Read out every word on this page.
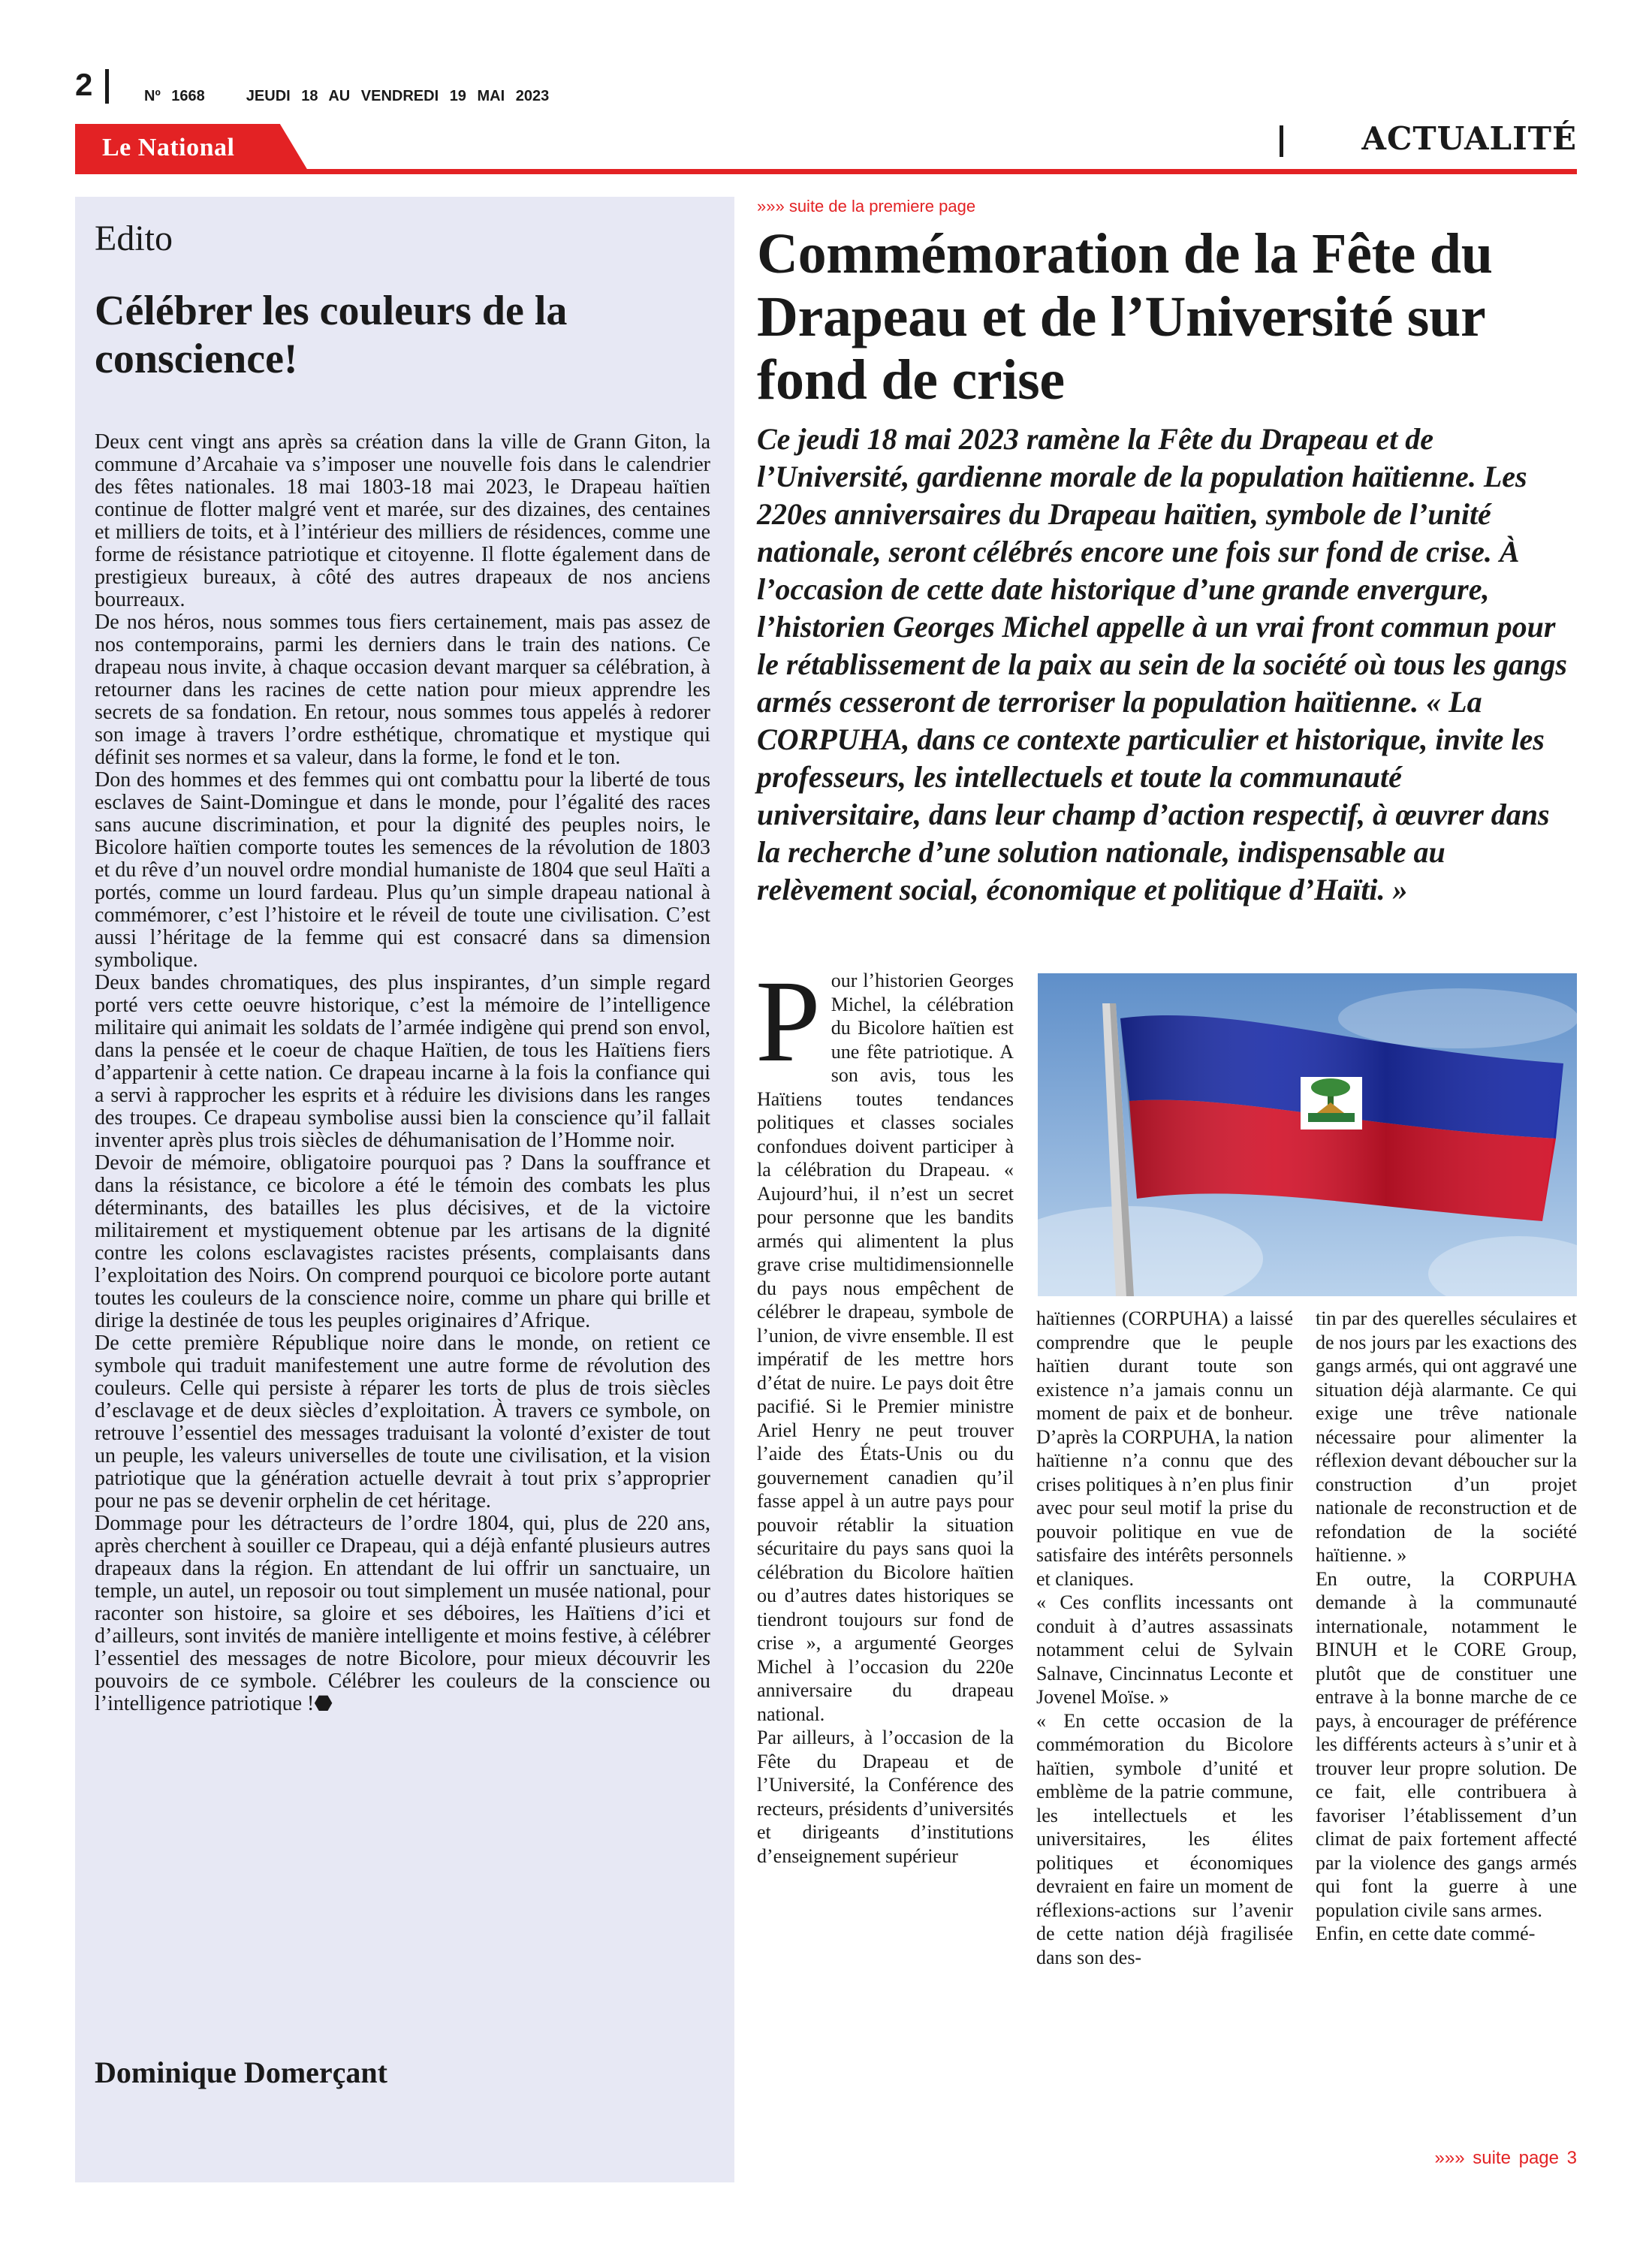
2	Nº 1668	JEUDI 18 AU VENDREDI 19 MAI 2023
Le National	ACTUALITÉ
Edito
Célébrer les couleurs de la conscience!

Deux cent vingt ans après sa création dans la ville de Grann Giton, la commune d’Arcahaie va s’imposer une nouvelle fois dans le calendrier des fêtes nationales. 18 mai 1803-18 mai 2023, le Drapeau haïtien continue de flotter malgré vent et marée, sur des dizaines, des centaines et milliers de toits, et à l’intérieur des milliers de résidences, comme une forme de résistance patriotique et citoyenne. Il flotte également dans de prestigieux bureaux, à côté des autres drapeaux de nos anciens bourreaux.

De nos héros, nous sommes tous fiers certainement, mais pas assez de nos contemporains, parmi les derniers dans le train des nations. Ce drapeau nous invite, à chaque occasion devant marquer sa célébration, à retourner dans les racines de cette nation pour mieux apprendre les secrets de sa fondation. En retour, nous sommes tous appelés à redorer son image à travers l’ordre esthétique, chromatique et mystique qui définit ses normes et sa valeur, dans la forme, le fond et le ton.

Don des hommes et des femmes qui ont combattu pour la liberté de tous esclaves de Saint-Domingue et dans le monde, pour l’égalité des races sans aucune discrimination, et pour la dignité des peuples noirs, le Bicolore haïtien comporte toutes les semences de la révolution de 1803 et du rêve d’un nouvel ordre mondial humaniste de 1804 que seul Haïti a portés, comme un lourd fardeau. Plus qu’un simple drapeau national à commémorer, c’est l’histoire et le réveil de toute une civilisation. C’est aussi l’héritage de la femme qui est consacré dans sa dimension symbolique.

Deux bandes chromatiques, des plus inspirantes, d’un simple regard porté vers cette oeuvre historique, c’est la mémoire de l’intelligence militaire qui animait les soldats de l’armée indigène qui prend son envol, dans la pensée et le coeur de chaque Haïtien, de tous les Haïtiens fiers d’appartenir à cette nation. Ce drapeau incarne à la fois la confiance qui a servi à rapprocher les esprits et à réduire les divisions dans les ranges des troupes. Ce drapeau symbolise aussi bien la conscience qu’il fallait inventer après plus trois siècles de déhumanisation de l’Homme noir.

Devoir de mémoire, obligatoire pourquoi pas ? Dans la souffrance et dans la résistance, ce bicolore a été le témoin des combats les plus déterminants, des batailles les plus décisives, et de la victoire militairement et mystiquement obtenue par les artisans de la dignité contre les colons esclavagistes racistes présents, complaisants dans l’exploitation des Noirs. On comprend pourquoi ce bicolore porte autant toutes les couleurs de la conscience noire, comme un phare qui brille et dirige la destinée de tous les peuples originaires d’Afrique.

De cette première République noire dans le monde, on retient ce symbole qui traduit manifestement une autre forme de révolution des couleurs. Celle qui persiste à réparer les torts de plus de trois siècles d’esclavage et de deux siècles d’exploitation. À travers ce symbole, on retrouve l’essentiel des messages traduisant la volonté d’exister de tout un peuple, les valeurs universelles de toute une civilisation, et la vision patriotique que la génération actuelle devrait à tout prix s’approprier pour ne pas se devenir orphelin de cet héritage.

Dommage pour les détracteurs de l’ordre 1804, qui, plus de 220 ans, après cherchent à souiller ce Drapeau, qui a déjà enfanté plusieurs autres drapeaux dans la région. En attendant de lui offrir un sanctuaire, un temple, un autel, un reposoir ou tout simplement un musée national, pour raconter son histoire, sa gloire et ses déboires, les Haïtiens d’ici et d’ailleurs, sont invités de manière intelligente et moins festive, à célébrer l’essentiel des messages de notre Bicolore, pour mieux découvrir les pouvoirs de ce symbole. Célébrer les couleurs de la conscience ou l’intelligence patriotique !⬣

Dominique Domerçant
»»» suite de la premiere page
Commémoration de la Fête du Drapeau et de l’Université sur fond de crise

Ce jeudi 18 mai 2023 ramène la Fête du Drapeau et de l’Université, gardienne morale de la population haïtienne. Les 220es anniversaires du Drapeau haïtien, symbole de l’unité nationale, seront célébrés encore une fois sur fond de crise. À l’occasion de cette date historique d’une grande envergure, l’historien Georges Michel appelle à un vrai front commun pour le rétablissement de la paix au sein de la société où tous les gangs armés cesseront de terroriser la population haïtienne. « La CORPUHA, dans ce contexte particulier et historique, invite les professeurs, les intellectuels et toute la communauté universitaire, dans leur champ d’action respectif, à œuvrer dans la recherche d’une solution nationale, indispensable au relèvement social, économique et politique d’Haïti. »

Pour l’historien Georges Michel, la célébration du Bicolore haïtien est une fête patriotique. A son avis, tous les Haïtiens toutes tendances politiques et classes sociales confondues doivent participer à la célébration du Drapeau. « Aujourd’hui, il n’est un secret pour personne que les bandits armés qui alimentent la plus grave crise multidimensionnelle du pays nous empêchent de célébrer le drapeau, symbole de l’union, de vivre ensemble. Il est impératif de les mettre hors d’état de nuire. Le pays doit être pacifié. Si le Premier ministre Ariel Henry ne peut trouver l’aide des États-Unis ou du gouvernement canadien qu’il fasse appel à un autre pays pour pouvoir rétablir la situation sécuritaire du pays sans quoi la célébration du Bicolore haïtien ou d’autres dates historiques se tiendront toujours sur fond de crise », a argumenté Georges Michel à l’occasion du 220e anniversaire du drapeau national.

Par ailleurs, à l’occasion de la Fête du Drapeau et de l’Université, la Conférence des recteurs, présidents d’universités et dirigeants d’institutions d’enseignement supérieur

haïtiennes (CORPUHA) a laissé comprendre que le peuple haïtien durant toute son existence n’a jamais connu un moment de paix et de bonheur. D’après la CORPUHA, la nation haïtienne n’a connu que des crises politiques à n’en plus finir avec pour seul motif la prise du pouvoir politique en vue de satisfaire des intérêts personnels et claniques.

« Ces conflits incessants ont conduit à d’autres assassinats notamment celui de Sylvain Salnave, Cincinnatus Leconte et Jovenel Moïse. »

« En cette occasion de la commémoration du Bicolore haïtien, symbole d’unité et emblème de la patrie commune, les intellectuels et les universitaires, les élites politiques et économiques devraient en faire un moment de réflexions-actions sur l’avenir de cette nation déjà fragilisée dans son des-

tin par des querelles séculaires et de nos jours par les exactions des gangs armés, qui ont aggravé une situation déjà alarmante. Ce qui exige une trêve nationale nécessaire pour alimenter la réflexion devant déboucher sur la construction d’un projet nationale de reconstruction et de refondation de la société haïtienne. »

En outre, la CORPUHA demande à la communauté internationale, notamment le BINUH et le CORE Group, plutôt que de constituer une entrave à la bonne marche de ce pays, à encourager de préférence les différents acteurs à s’unir et à trouver leur propre solution. De ce fait, elle contribuera à favoriser l’établissement d’un climat de paix fortement affecté par la violence des gangs armés qui font la guerre à une population civile sans armes.

Enfin, en cette date commé-

»»» suite page 3
